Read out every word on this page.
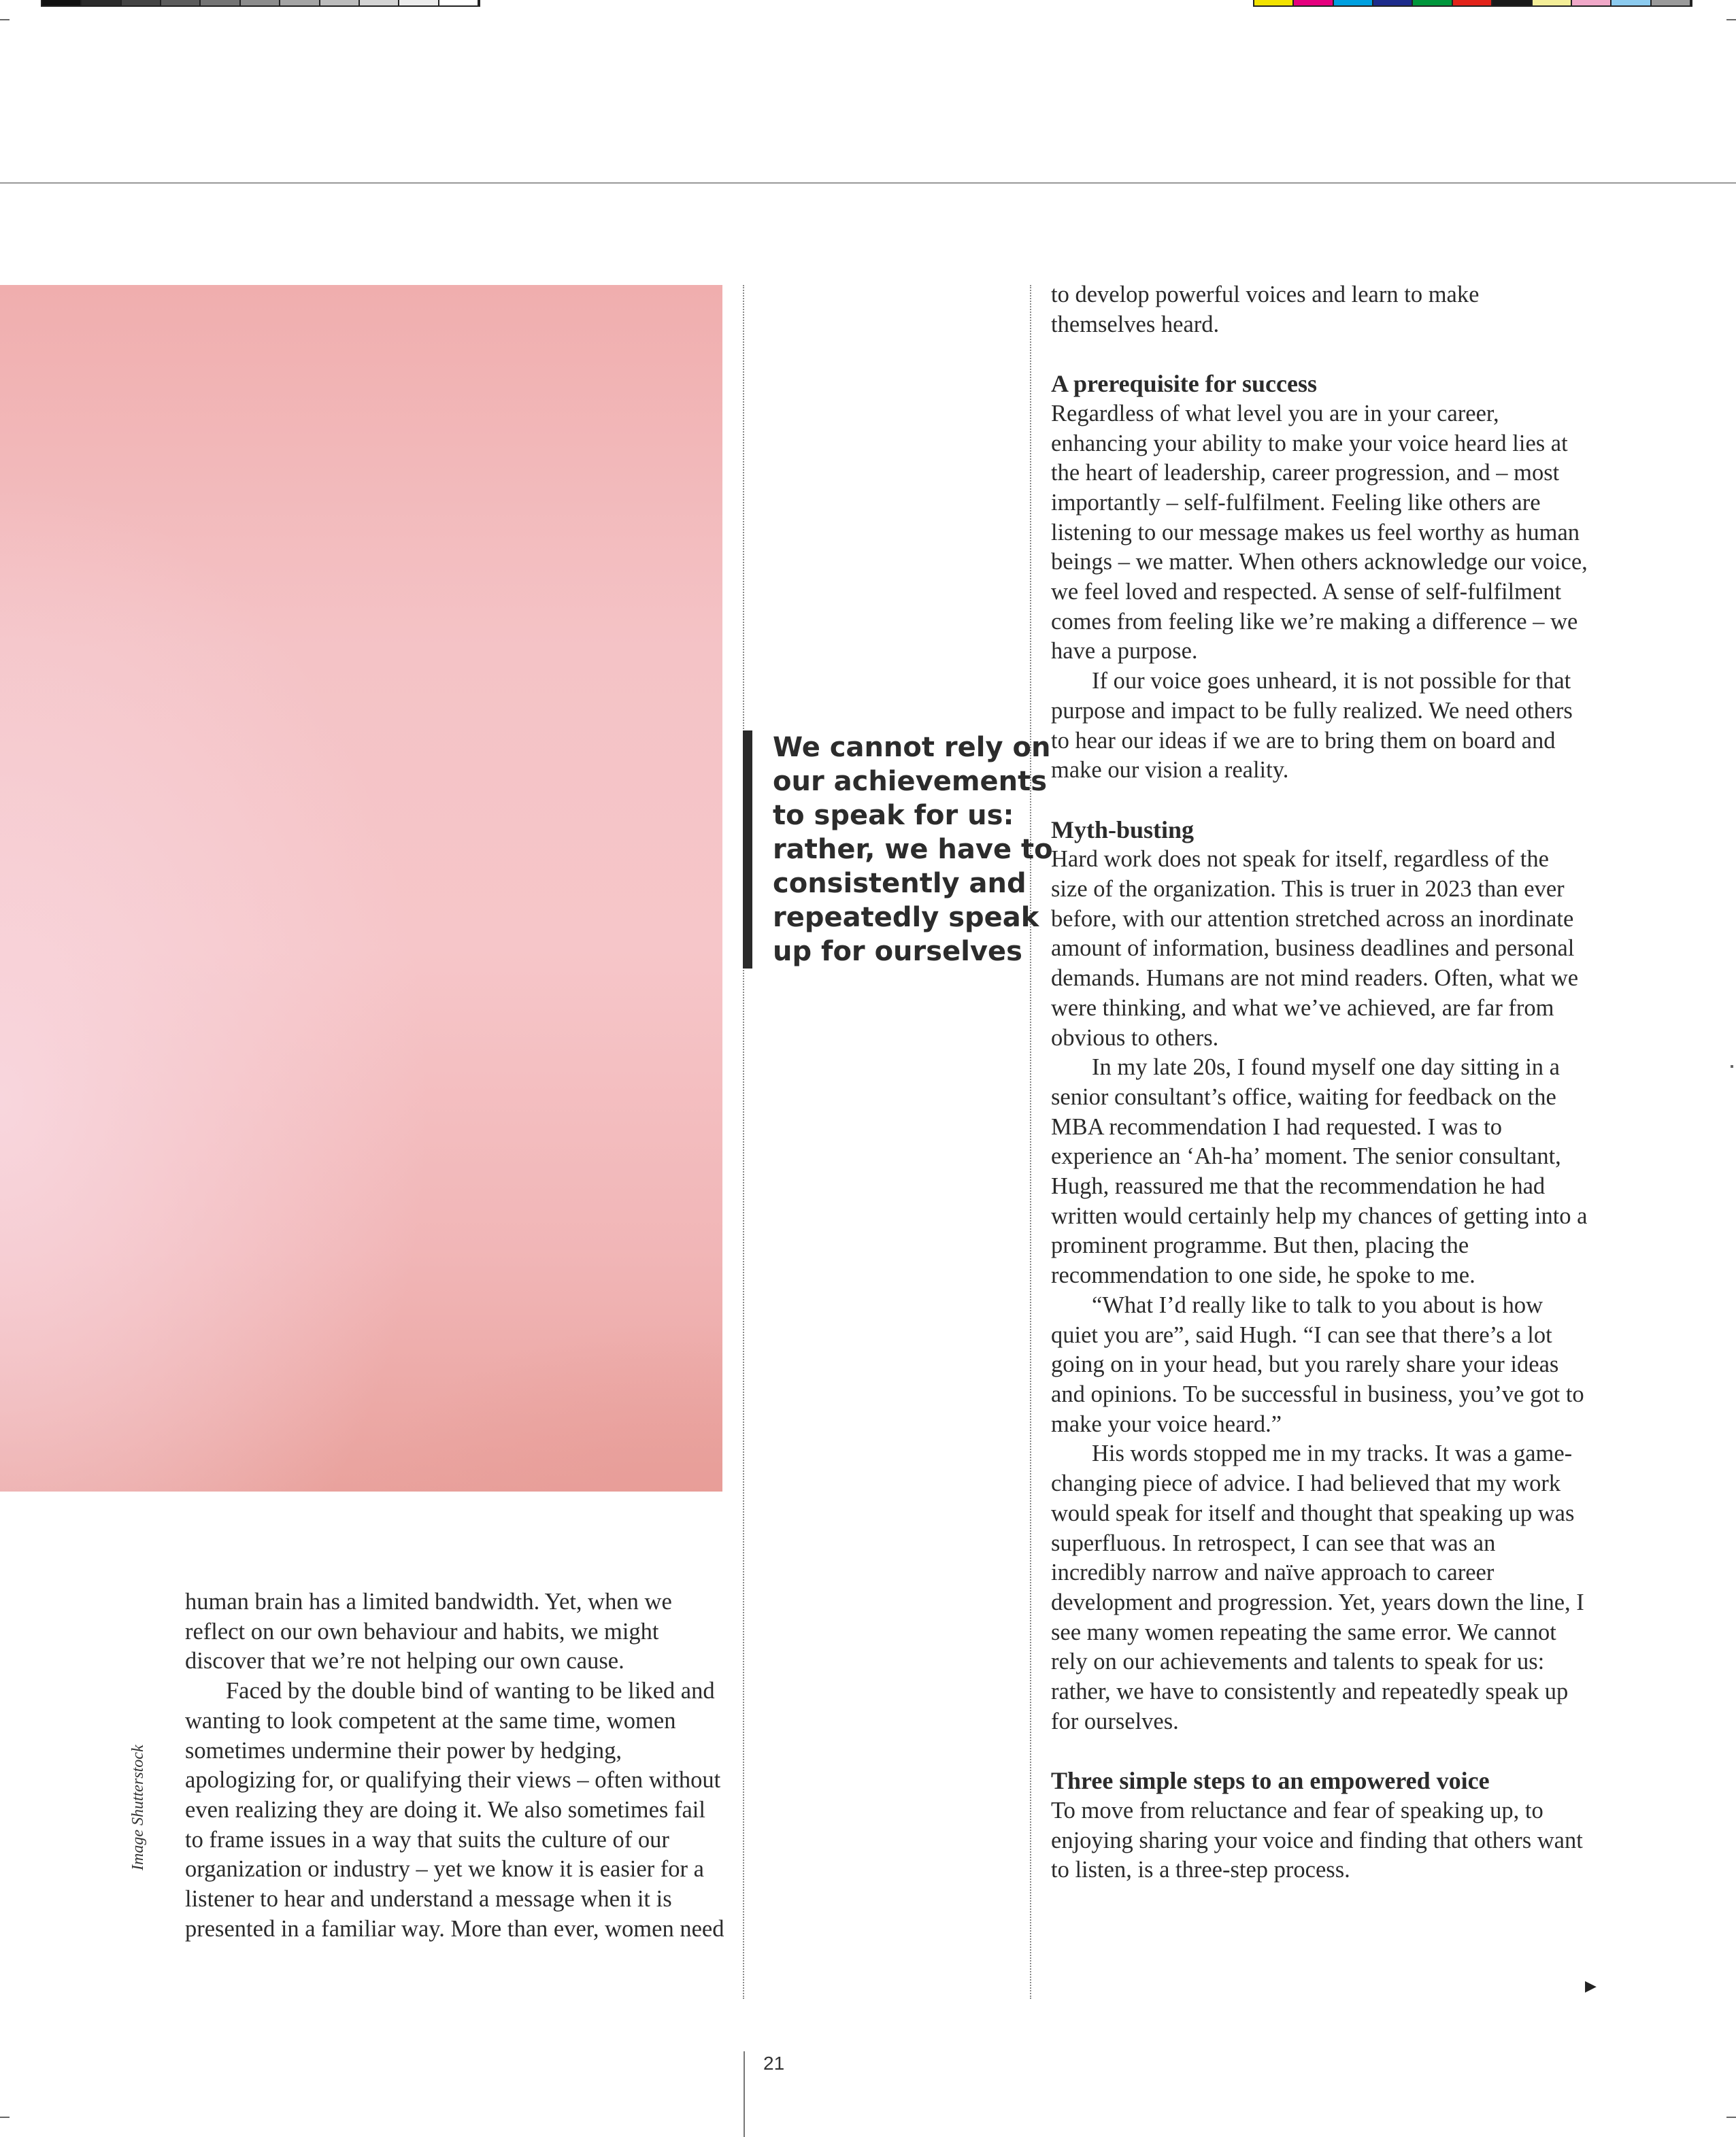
Image Shutterstock

human brain has a limited bandwidth. Yet, when we reflect on our own behaviour and habits, we might discover that we’re not helping our own cause.

Faced by the double bind of wanting to be liked and wanting to look competent at the same time, women sometimes undermine their power by hedging, apologizing for, or qualifying their views – often without even realizing they are doing it. We also sometimes fail to frame issues in a way that suits the culture of our organization or industry – yet we know it is easier for a listener to hear and understand a message when it is presented in a familiar way. More than ever, women need

We cannot rely on our achievements to speak for us: rather, we have to consistently and repeatedly speak up for ourselves

to develop powerful voices and learn to make themselves heard.

A prerequisite for success

Regardless of what level you are in your career, enhancing your ability to make your voice heard lies at the heart of leadership, career progression, and – most importantly – self-fulfilment. Feeling like others are listening to our message makes us feel worthy as human beings – we matter. When others acknowledge our voice, we feel loved and respected. A sense of self-fulfilment comes from feeling like we’re making a difference – we have a purpose.

If our voice goes unheard, it is not possible for that purpose and impact to be fully realized. We need others to hear our ideas if we are to bring them on board and make our vision a reality.

Myth-busting

Hard work does not speak for itself, regardless of the size of the organization. This is truer in 2023 than ever before, with our attention stretched across an inordinate amount of information, business deadlines and personal demands. Humans are not mind readers. Often, what we were thinking, and what we’ve achieved, are far from obvious to others.

In my late 20s, I found myself one day sitting in a senior consultant’s office, waiting for feedback on the MBA recommendation I had requested. I was to experience an ‘Ah-ha’ moment. The senior consultant, Hugh, reassured me that the recommendation he had written would certainly help my chances of getting into a prominent programme. But then, placing the recommendation to one side, he spoke to me.

“What I’d really like to talk to you about is how quiet you are”, said Hugh. “I can see that there’s a lot going on in your head, but you rarely share your ideas and opinions. To be successful in business, you’ve got to make your voice heard.”

His words stopped me in my tracks. It was a game-changing piece of advice. I had believed that my work would speak for itself and thought that speaking up was superfluous. In retrospect, I can see that was an incredibly narrow and naïve approach to career development and progression. Yet, years down the line, I see many women repeating the same error. We cannot rely on our achievements and talents to speak for us: rather, we have to consistently and repeatedly speak up for ourselves.

Three simple steps to an empowered voice

To move from reluctance and fear of speaking up, to enjoying sharing your voice and finding that others want to listen, is a three-step process.

▶
21
